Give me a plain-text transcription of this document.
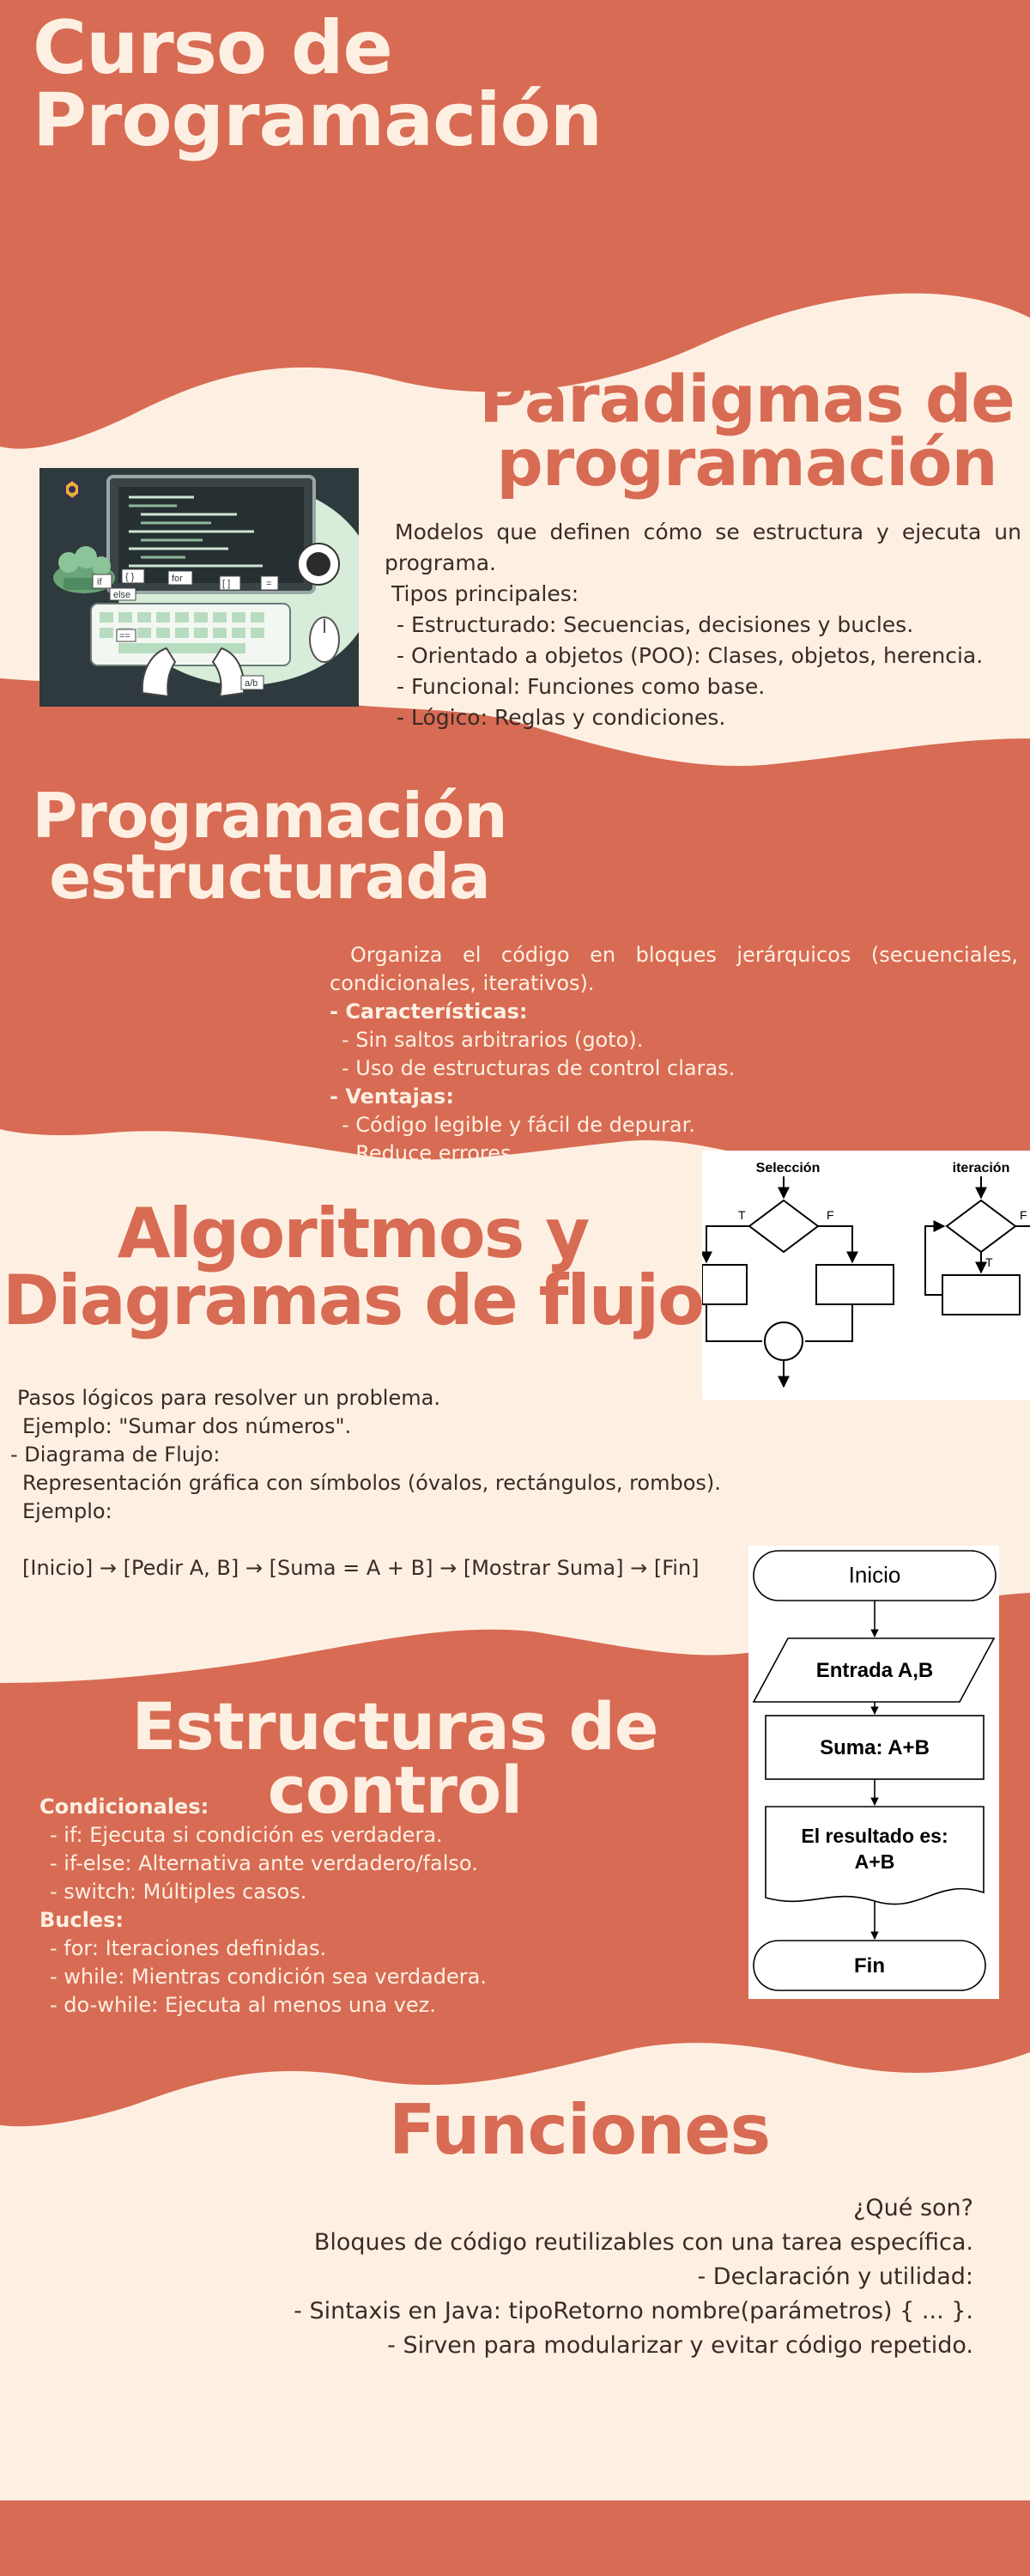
Curso de
Programación
Paradigmas de
programación
if	{ }
else
for	[ ]	=
==
a/b
Modelos que definen cómo se estructura y ejecuta un programa.
Tipos principales:
- Estructurado: Secuencias, decisiones y bucles.
- Orientado a objetos (POO): Clases, objetos, herencia.
- Funcional: Funciones como base.
- Lógico: Reglas y condiciones.
Programación
estructurada
Organiza el código en bloques jerárquicos (secuenciales, condicionales, iterativos).
- Características:
- Sin saltos arbitrarios (goto).
- Uso de estructuras de control claras.
- Ventajas:
- Código legible y fácil de depurar.
- Reduce errores.
Selección	iteración
T	F
T
F
Algoritmos y
Diagramas de flujo
Pasos lógicos para resolver un problema.
Ejemplo: "Sumar dos números".
- Diagrama de Flujo:
Representación gráfica con símbolos (óvalos, rectángulos, rombos).
Ejemplo:
[Inicio] → [Pedir A, B] → [Suma = A + B] → [Mostrar Suma] → [Fin]	Inicio
Entrada A,B
Suma: A+B
El resultado es:
A+B
Fin
Estructuras de
control
Condicionales:
- if: Ejecuta si condición es verdadera.
- if-else: Alternativa ante verdadero/falso.
- switch: Múltiples casos.
Bucles:
- for: Iteraciones definidas.
- while: Mientras condición sea verdadera.
- do-while: Ejecuta al menos una vez.
Funciones
¿Qué son?
Bloques de código reutilizables con una tarea específica.
- Declaración y utilidad:
- Sintaxis en Java: tipoRetorno nombre(parámetros) { ... }.
- Sirven para modularizar y evitar código repetido.
